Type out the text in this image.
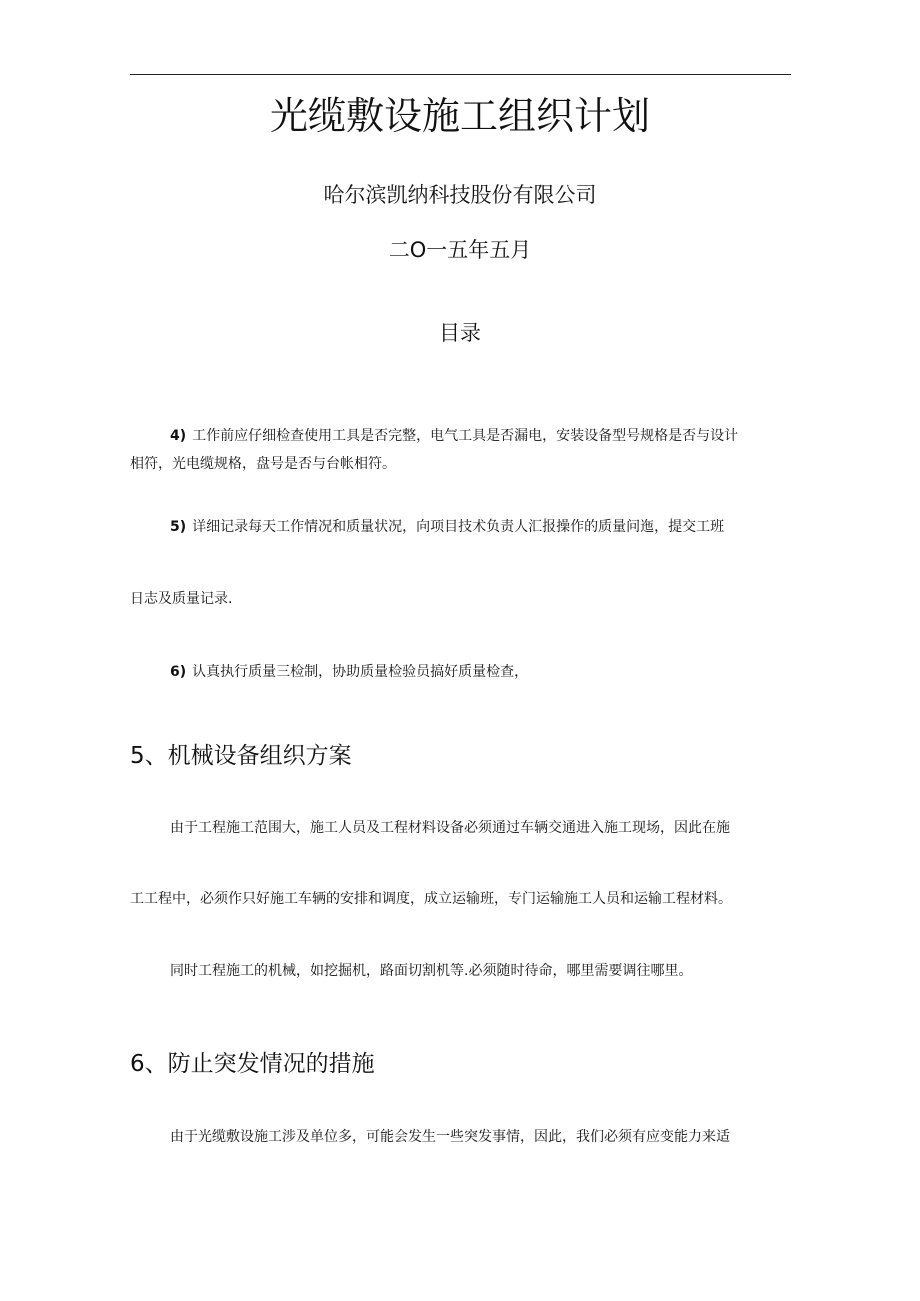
光缆敷设施工组织计划
哈尔滨凯纳科技股份有限公司
二O一五年五月
目录
4) 工作前应仔细检查使用工具是否完整，电气工具是否漏电，安装设备型号规格是否与设计
相符，光电缆规格，盘号是否与台帐相符。
5) 详细记录每天工作情况和质量状况，向项目技术负责人汇报操作的质量问迤，提交工班
日志及质量记录.
6) 认真执行质量三检制，协助质量检验员搞好质量检查，
5、机械设备组织方案
由于工程施工范围大，施工人员及工程材料设备必须通过车辆交通进入施工现场，因此在施
工工程中，必须作只好施工车辆的安排和调度，成立运输班，专门运输施工人员和运输工程材料。
同时工程施工的机械，如挖掘机，路面切割机等.必须随时待命，哪里需要调往哪里。
6、防止突发情况的措施
由于光缆敷设施工涉及单位多，可能会发生一些突发事情，因此，我们必须有应变能力来适
